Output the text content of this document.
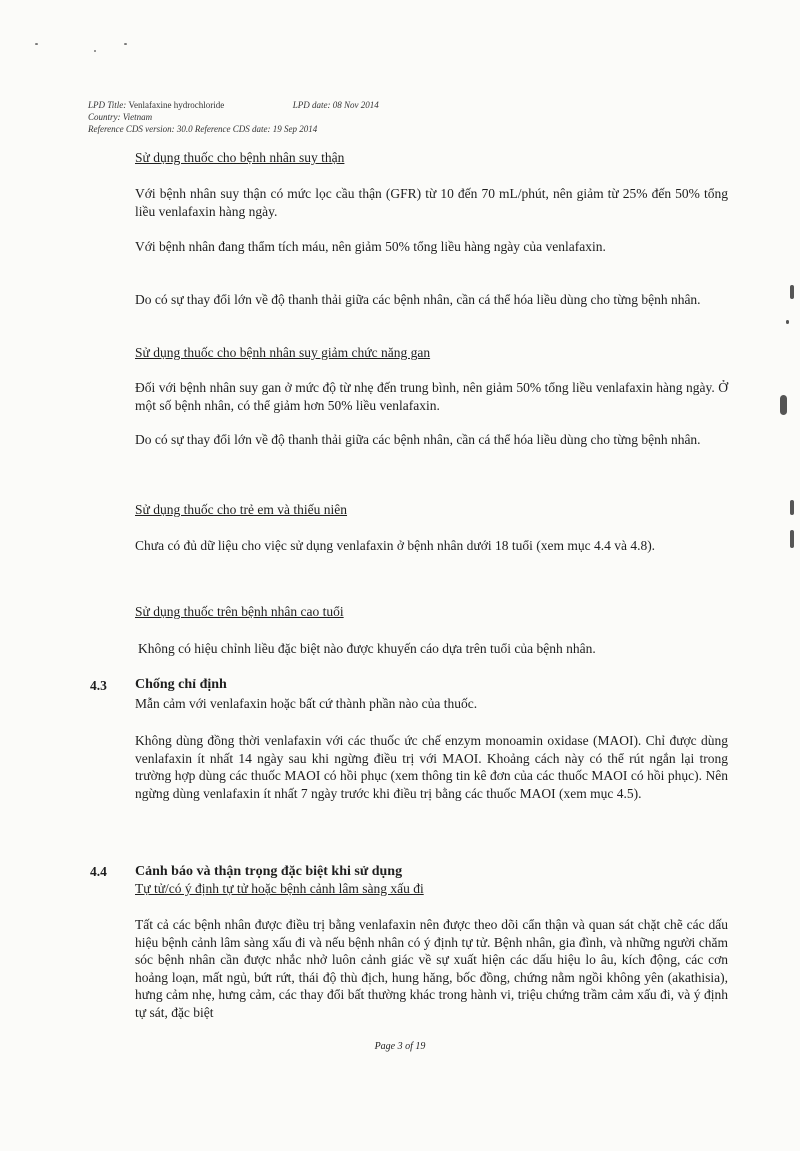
LPD Title: Venlafaxine hydrochloride	LPD date: 08 Nov 2014
Country: Vietnam
Reference CDS version: 30.0 Reference CDS date: 19 Sep 2014
Sử dụng thuốc cho bệnh nhân suy thận
Với bệnh nhân suy thận có mức lọc cầu thận (GFR) từ 10 đến 70 mL/phút, nên giảm từ 25% đến 50% tổng liều venlafaxin hàng ngày.
Với bệnh nhân đang thẩm tích máu, nên giảm 50% tổng liều hàng ngày của venlafaxin.
Do có sự thay đổi lớn về độ thanh thải giữa các bệnh nhân, cần cá thể hóa liều dùng cho từng bệnh nhân.
Sử dụng thuốc cho bệnh nhân suy giảm chức năng gan
Đối với bệnh nhân suy gan ở mức độ từ nhẹ đến trung bình, nên giảm 50% tổng liều venlafaxin hàng ngày. Ở một số bệnh nhân, có thể giảm hơn 50% liều venlafaxin.
Do có sự thay đổi lớn về độ thanh thải giữa các bệnh nhân, cần cá thể hóa liều dùng cho từng bệnh nhân.
Sử dụng thuốc cho trẻ em và thiếu niên
Chưa có đủ dữ liệu cho việc sử dụng venlafaxin ở bệnh nhân dưới 18 tuổi (xem mục 4.4 và 4.8).
Sử dụng thuốc trên bệnh nhân cao tuổi
Không có hiệu chỉnh liều đặc biệt nào được khuyến cáo dựa trên tuổi của bệnh nhân.
4.3 Chống chỉ định
Mẫn cảm với venlafaxin hoặc bất cứ thành phần nào của thuốc.
Không dùng đồng thời venlafaxin với các thuốc ức chế enzym monoamin oxidase (MAOI). Chỉ được dùng venlafaxin ít nhất 14 ngày sau khi ngừng điều trị với MAOI. Khoảng cách này có thể rút ngắn lại trong trường hợp dùng các thuốc MAOI có hồi phục (xem thông tin kê đơn của các thuốc MAOI có hồi phục). Nên ngừng dùng venlafaxin ít nhất 7 ngày trước khi điều trị bằng các thuốc MAOI (xem mục 4.5).
4.4 Cảnh báo và thận trọng đặc biệt khi sử dụng
Tự tử/có ý định tự tử hoặc bệnh cảnh lâm sàng xấu đi
Tất cả các bệnh nhân được điều trị bằng venlafaxin nên được theo dõi cẩn thận và quan sát chặt chẽ các dấu hiệu bệnh cảnh lâm sàng xấu đi và nếu bệnh nhân có ý định tự tử. Bệnh nhân, gia đình, và những người chăm sóc bệnh nhân cần được nhắc nhở luôn cảnh giác về sự xuất hiện các dấu hiệu lo âu, kích động, các cơn hoảng loạn, mất ngủ, bứt rứt, thái độ thù địch, hung hăng, bốc đồng, chứng nằm ngồi không yên (akathisia), hưng cảm nhẹ, hưng cảm, các thay đổi bất thường khác trong hành vi, triệu chứng trầm cảm xấu đi, và ý định tự sát, đặc biệt
Page 3 of 19
